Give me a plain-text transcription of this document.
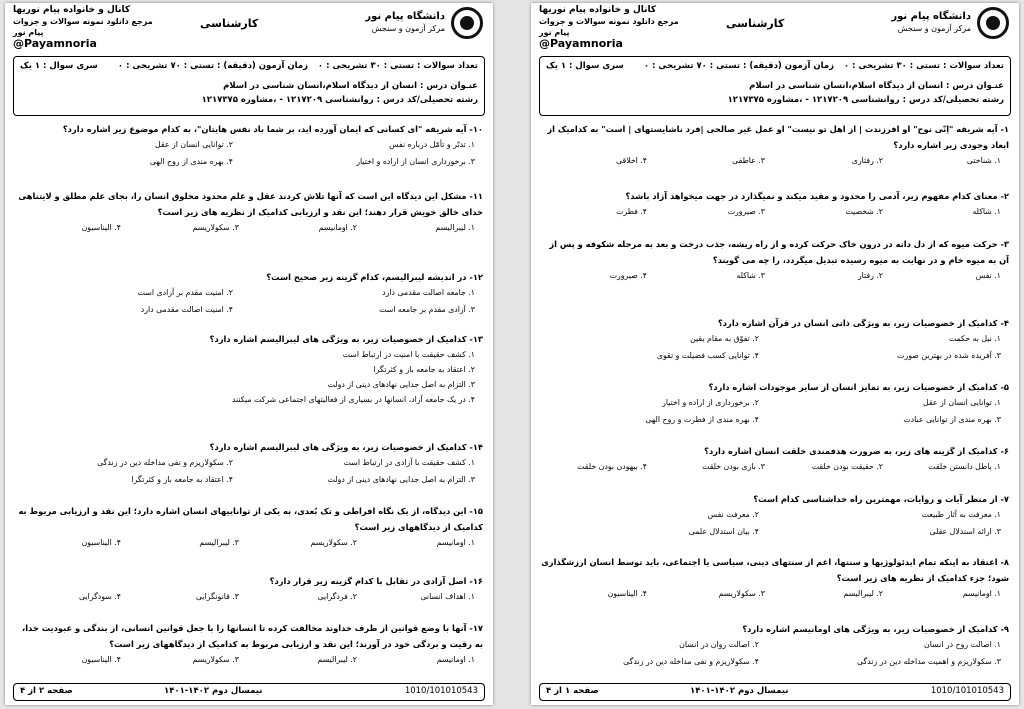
دانشگاه پیام نور
مرکز آزمون و سنجش
کارشناسی
کانال و خانواده پیام نوریها
مرجع دانلود نمونه سوالات و جزوات پیام نور
@Payamnoria
تعداد سوالات : تستی : ۳۰ تشریحی : ۰
زمان آزمون (دقیقه) : تستی : ۷۰ تشریحی : ۰
سری سوال : ۱ یک
عنـوان درس : انسان از دیدگاه اسلام،انسان شناسی در اسلام
رشته تحصیلی/کد درس : روانشناسی ۱۲۱۷۲۰۹ - ،مشاوره ۱۲۱۷۳۷۵
۱- آیه شریفه "اِنّی نوح" او افرزندت | از اهل تو نیست" او عمل غیر صالحی |فرد ناشایستهای | است" به کدامیک از ابعاد وجودی زیر اشاره دارد؟
۱. شناختی
۲. رفتاری
۳. عاطفی
۴. اخلاقی
۲- معنای کدام مفهوم زیر، آدمی را محدود و مقید میکند و نمیگذارد در جهت میخواهد آزاد باشد؟
۱. شاکله
۲. شخصیت
۳. صیرورت
۴. فطرت
۳- حرکت میوه که از دل دانه در درون خاک حرکت کرده و از راه ریشه، جذب درخت و بعد به مرحله شکوفه و پس از آن به میوه خام و در نهایت به میوه رسیده تبدیل میگردد، را چه می گویند؟
۱. نفس
۲. رفتار
۳. شاکله
۴. صیرورت
۴- کدامیک از خصوصیات زیر، به ویژگی ذاتی انسان در قرآن اشاره دارد؟
۱. نیل به حکمت
۲. تفوّق به مقام یقین
۳. آفریده شده در بهترین صورت
۴. توانایی کسب فضیلت و تقوی
۵- کدامیک از خصوصیات زیر، به تمایز انسان از سایر موجودات اشاره دارد؟
۱. توانایی انسان از عقل
۲. برخورداری از اراده و اختیار
۳. بهره مندی از توانایی عبادت
۴. بهره مندی از فطرت و روح الهی
۶- کدامیک از گزینه های زیر، به ضرورت هدفمندی خلقت انسان اشاره دارد؟
۱. باطل دانستن خلقت
۲. حقیقت بودن خلقت
۳. بازی بودن خلقت
۴. بیهودن بودن خلقت
۷- از منظر آیات و روایات، مهمترین راه خداشناسی کدام است؟
۱. معرفت به آثار طبیعت
۲. معرفت نفس
۳. ارائه استدلال عقلی
۴. بیان استدلال علمی
۸- اعتقاد به اینکه تمام ایدئولوژیها و سنتها، اعم از سنتهای دینی، سیاسی یا اجتماعی، باید توسط انسان ارزشگذاری شود؛ جزء کدامیک از نظریه های زیر است؟
۱. اومانیسم
۲. لیبرالیسم
۳. سکولاریسم
۴. الیناسیون
۹- کدامیک از خصوصیات زیر، به ویژگی های اومانیسم اشاره دارد؟
۱. اصالت روح در انسان
۲. اصالت روان در انسان
۳. سکولاریزم و اهمیت مداخله دین در زندگی
۴. سکولاریزم و نفی مداخله دین در زندگی
صفحه ۱ از ۴	نیمسال دوم ۱۴۰۲-۱۴۰۱	1010/101010543
دانشگاه پیام نور
مرکز آزمون و سنجش
کارشناسی
کانال و خانواده پیام نوریها
مرجع دانلود نمونه سوالات و جزوات پیام نور
@Payamnoria
تعداد سوالات : تستی : ۳۰ تشریحی : ۰
زمان آزمون (دقیقه) : تستی : ۷۰ تشریحی : ۰
سری سوال : ۱ یک
عنـوان درس : انسان از دیدگاه اسلام،انسان شناسی در اسلام
رشته تحصیلی/کد درس : روانشناسی ۱۲۱۷۲۰۹ - ،مشاوره ۱۲۱۷۳۷۵
۱۰- آیه شریفه "ای کسانی که ایمان آورده اید، بر شما باد نفس هایتان"، به کدام موضوع زیر اشاره دارد؟
۱. تدبّر و تأمّل درباره نفس
۲. توانایی انسان از عقل
۳. برخورداری انسان از اراده و اختیار
۴. بهره مندی از روح الهی
۱۱- مشکل این دیدگاه این است که آنها تلاش کردند عقل و علم محدود مخلوق انسان را، بجای علم مطلق و لایتناهی خدای خالق خویش قرار دهند؛ این نقد و ارزیابی کدامیک از نظریه های زیر است؟
۱. لیبرالیسم
۲. اومانیسم
۳. سکولاریسم
۴. الیناسیون
۱۲- در اندیشه لیبرالیسم، کدام گزینه زیر صحیح است؟
۱. جامعه اصالت مقدمی دارد
۲. امنیت مقدم بر آزادی است
۳. آزادی مقدم بر جامعه است
۴. امنیت اصالت مقدمی دارد
۱۳- کدامیک از خصوصیات زیر، به ویژگی های لیبرالیسم اشاره دارد؟
۱. کشف حقیقت با امنیت در ارتباط است
۲. اعتقاد به جامعه باز و کثرتگرا
۳. التزام به اصل جدایی نهادهای دینی از دولت
۴. در یک جامعه آزاد، انسانها در بسیاری از فعالیتهای اجتماعی شرکت میکنند
۱۴- کدامیک از خصوصیات زیر، به ویژگی های لیبرالیسم اشاره دارد؟
۱. کشف حقیقت با آزادی در ارتباط است
۲. سکولاریزم و نفی مداخله دین در زندگی
۳. التزام به اصل جدایی نهادهای دینی از دولت
۴. اعتقاد به جامعه باز و کثرتگرا
۱۵- این دیدگاه، از یک نگاه افراطی و تک بُعدی، به یکی از تواناییهای انسان اشاره دارد؛ این نقد و ارزیابی مربوط به کدامیک از دیدگاههای زیر است؟
۱. اومانیسم
۲. سکولاریسم
۳. لیبرالیسم
۴. الیناسیون
۱۶- اصل آزادی در تقابل با کدام گزینه زیر قرار دارد؟
۱. اهداف انسانی
۲. فردگرایی
۳. قانونگرایی
۴. سودگرایی
۱۷- آنها با وضع قوانین از طرف خداوند مخالفت کرده تا انسانها را با جعل قوانین انسانی، از بندگی و عبودیت خدا، به رقیت و بردگی خود در آورند؛ این نقد و ارزیابی مربوط به کدامیک از دیدگاههای زیر است؟
۱. اومانیسم
۲. لیبرالیسم
۳. سکولاریسم
۴. الیناسیون
صفحه ۲ از ۴	نیمسال دوم ۱۴۰۲-۱۴۰۱	1010/101010543
